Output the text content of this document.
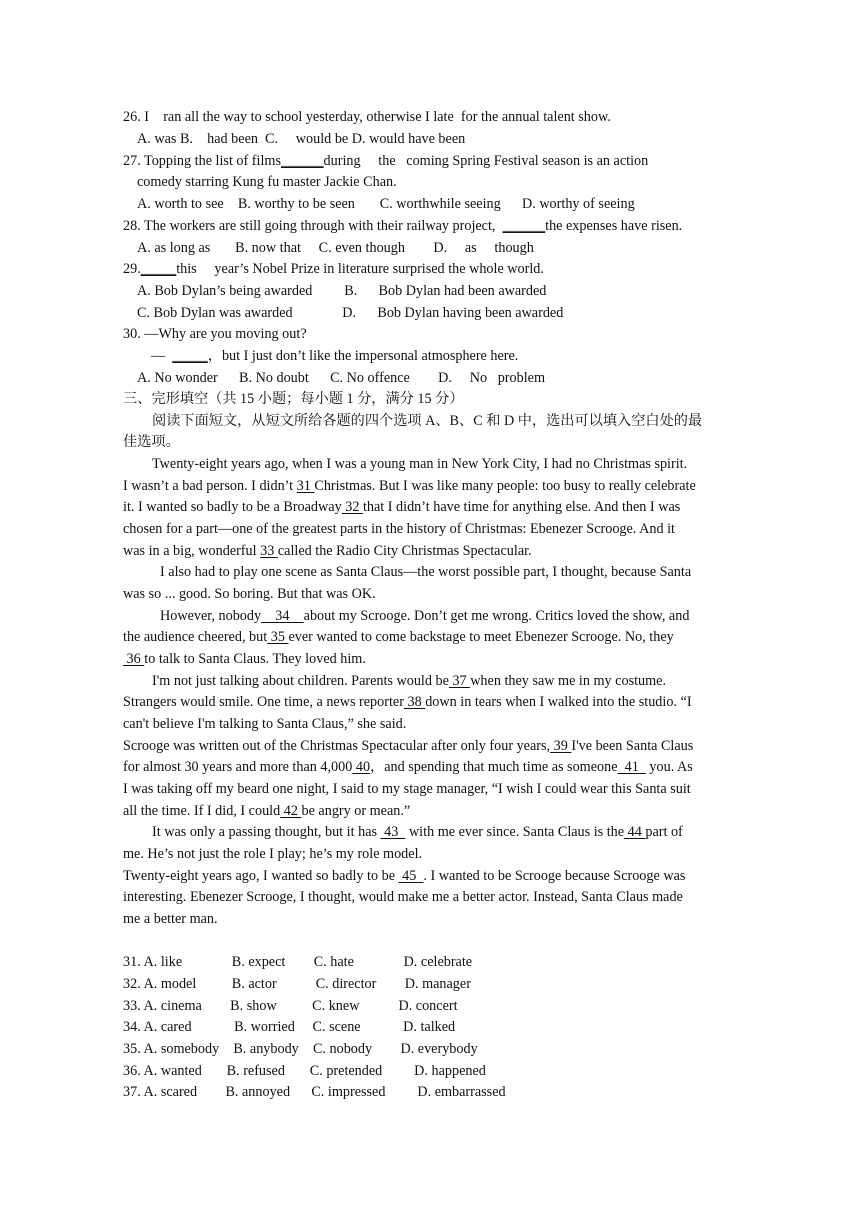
26. I    ran all the way to school yesterday, otherwise I late  for the annual talent show.
A. was B.    had been  C.     would be D. would have been
27. Topping the list of films______during     the   coming Spring Festival season is an action
comedy starring Kung fu master Jackie Chan.
A. worth to see    B. worthy to be seen       C. worthwhile seeing      D. worthy of seeing
28. The workers are still going through with their railway project,  ______the expenses have risen.
A. as long as       B. now that     C. even though        D.     as     though
29._____this     year’s Nobel Prize in literature surprised the whole world.
A. Bob Dylan’s being awarded         B.      Bob Dylan had been awarded
C. Bob Dylan was awarded              D.      Bob Dylan having been awarded
30. —Why are you moving out?
—  _____，but I just don’t like the impersonal atmosphere here.
A. No wonder      B. No doubt      C. No offence        D.     No   problem
三、完形填空（共 15 小题；每小题 1 分，满分 15 分）
阅读下面短文，从短文所给各题的四个选项 A、B、C 和 D 中，选出可以填入空白处的最
佳选项。
Twenty-eight years ago, when I was a young man in New York City, I had no Christmas spirit.
I wasn’t a bad person. I didn’t 31 Christmas. But I was like many people: too busy to really celebrate
it. I wanted so badly to be a Broadway 32 that I didn’t have time for anything else. And then I was
chosen for a part—one of the greatest parts in the history of Christmas: Ebenezer Scrooge. And it
was in a big, wonderful 33 called the Radio City Christmas Spectacular.
I also had to play one scene as Santa Claus—the worst possible part, I thought, because Santa
was so ... good. So boring. But that was OK.
However, nobody    34    about my Scrooge. Don’t get me wrong. Critics loved the show, and
the audience cheered, but 35 ever wanted to come backstage to meet Ebenezer Scrooge. No, they
36 to talk to Santa Claus. They loved him.
I'm not just talking about children. Parents would be 37 when they saw me in my costume.
Strangers would smile. One time, a news reporter 38 down in tears when I walked into the studio. “I
can't believe I'm talking to Santa Claus,” she said.
Scrooge was written out of the Christmas Spectacular after only four years, 39 I've been Santa Claus
for almost 30 years and more than 4,000 40，and spending that much time as someone  41   you. As
I was taking off my beard one night, I said to my stage manager, “I wish I could wear this Santa suit
all the time. If I did, I could 42 be angry or mean.”
It was only a passing thought, but it has  43   with me ever since. Santa Claus is the 44 part of
me. He’s not just the role I play; he’s my role model.
Twenty-eight years ago, I wanted so badly to be  45  . I wanted to be Scrooge because Scrooge was
interesting. Ebenezer Scrooge, I thought, would make me a better actor. Instead, Santa Claus made
me a better man.
31. A. like              B. expect        C. hate              D. celebrate
32. A. model          B. actor           C. director        D. manager
33. A. cinema        B. show          C. knew           D. concert
34. A. cared            B. worried     C. scene            D. talked
35. A. somebody    B. anybody    C. nobody        D. everybody
36. A. wanted       B. refused       C. pretended         D. happened
37. A. scared        B. annoyed      C. impressed         D. embarrassed
